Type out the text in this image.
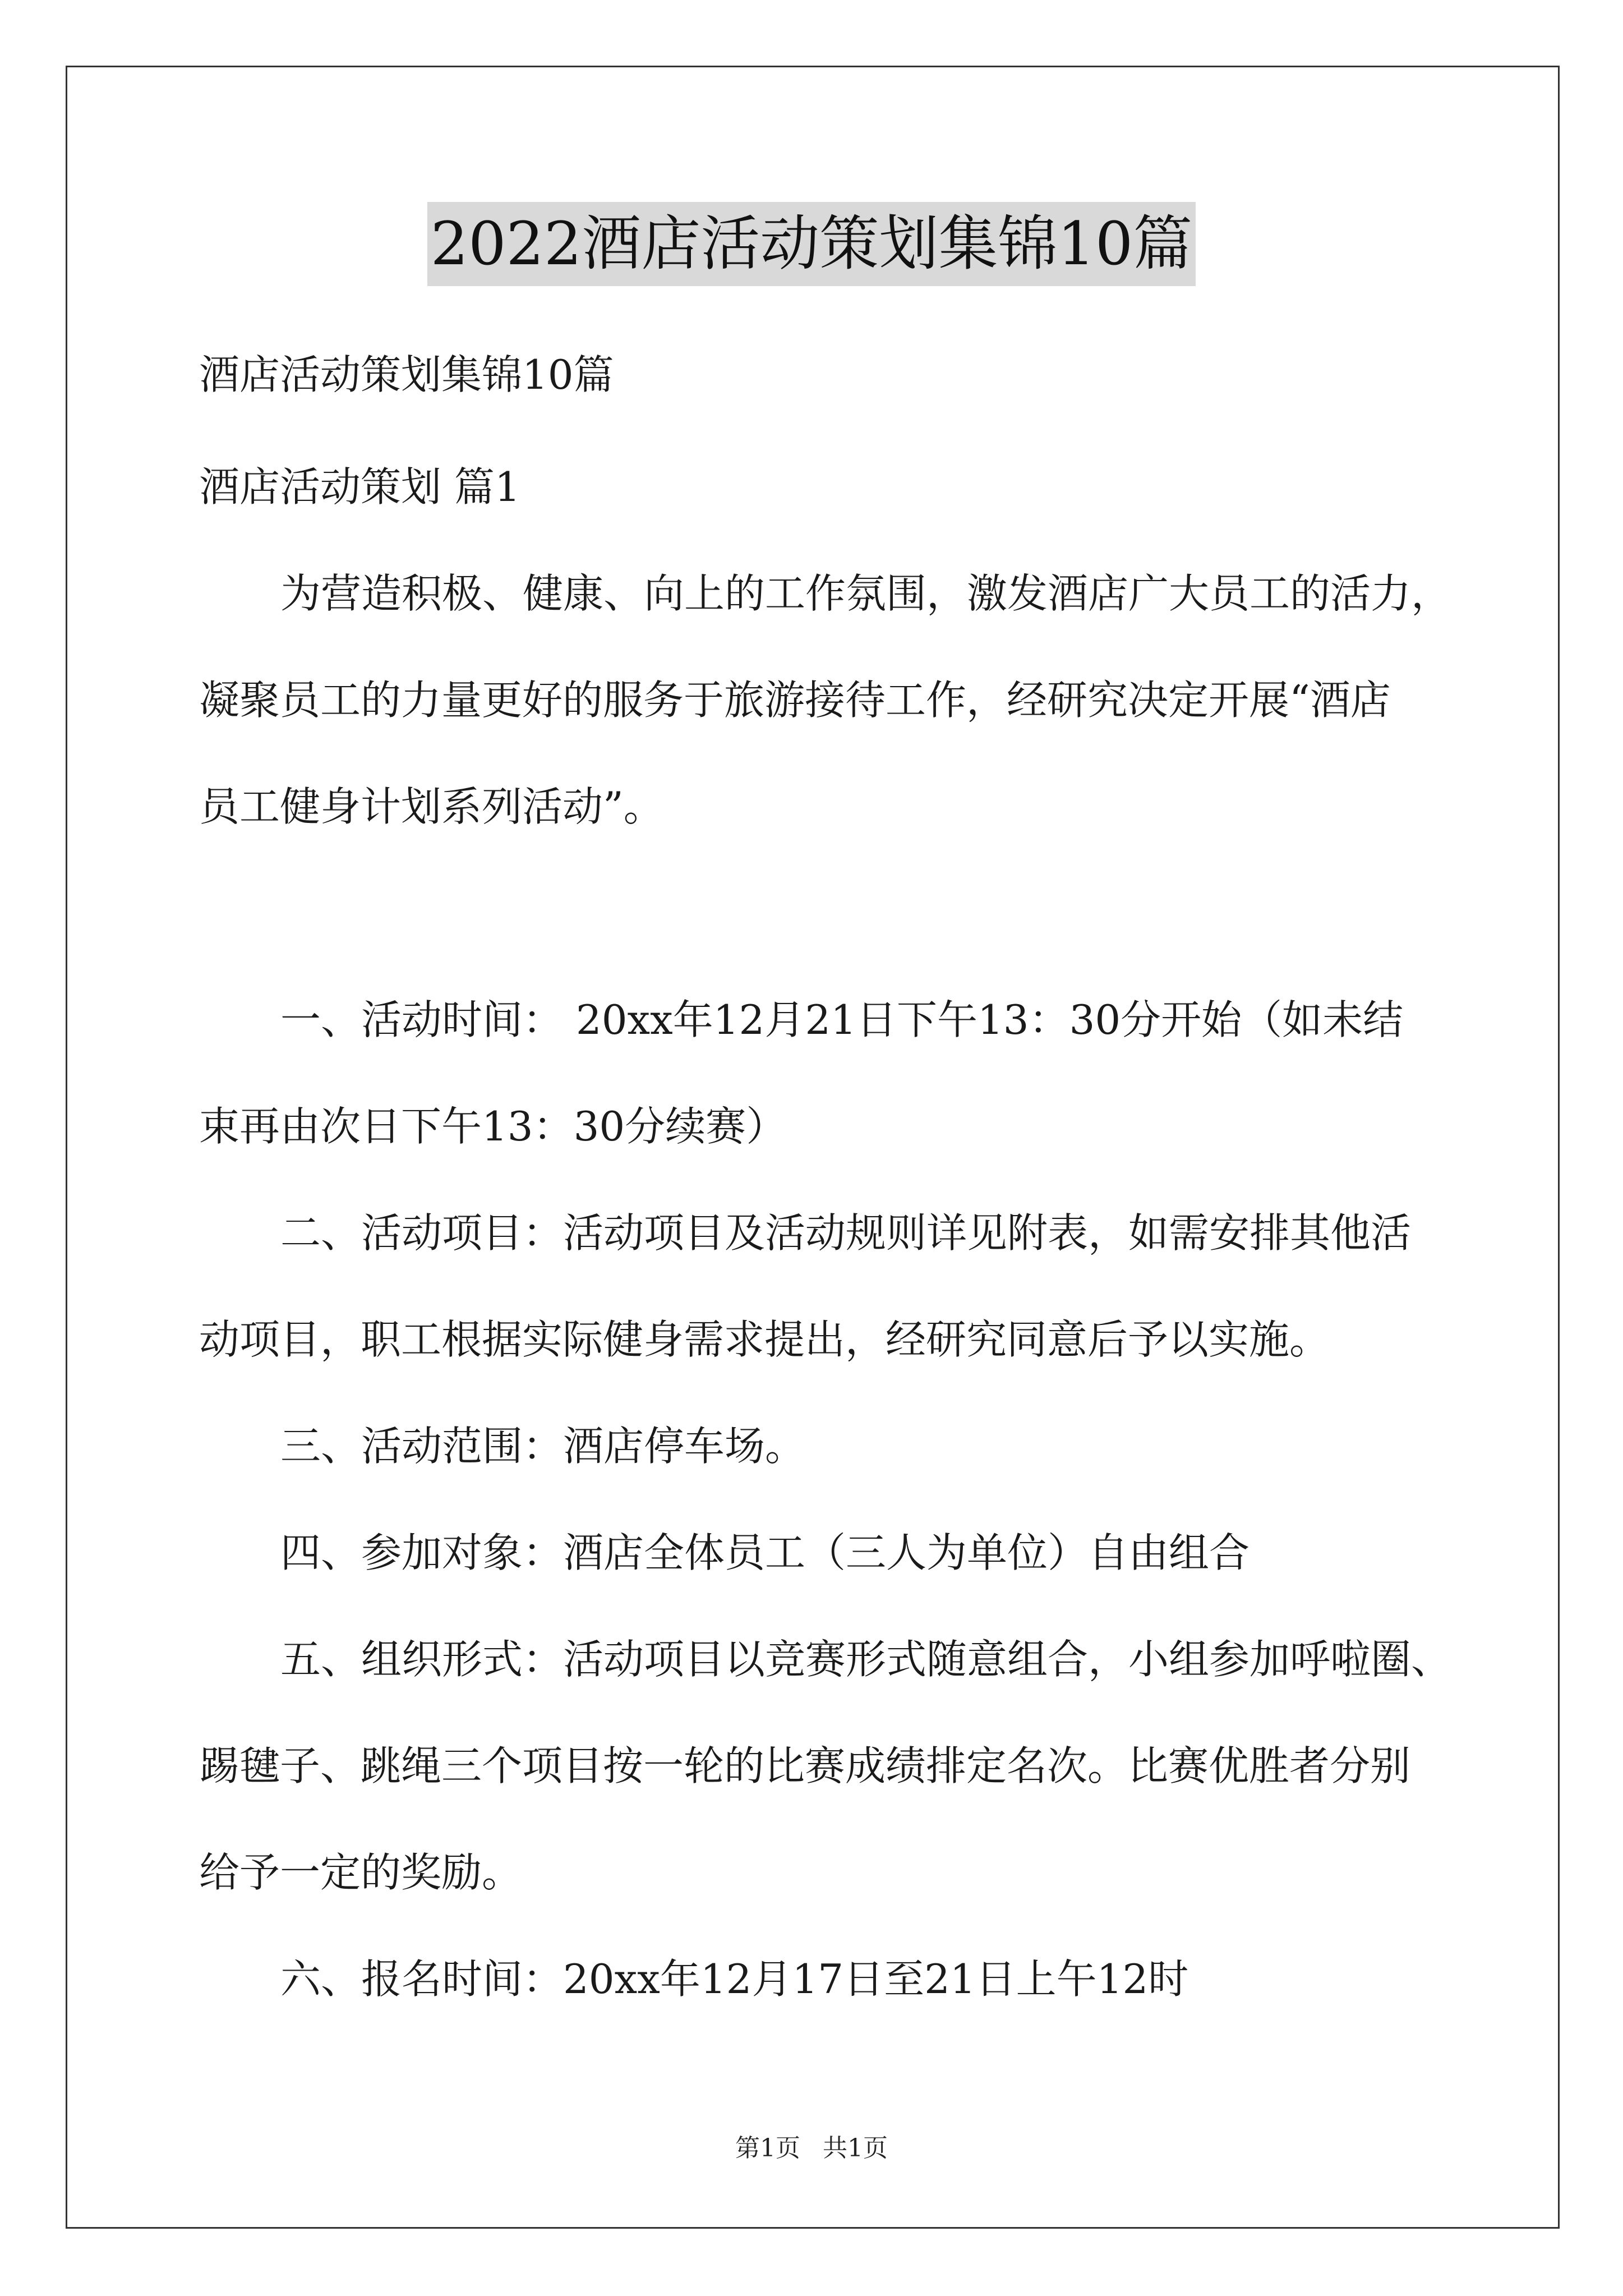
2022酒店活动策划集锦10篇
酒店活动策划集锦10篇
酒店活动策划 篇1
为营造积极、健康、向上的工作氛围，激发酒店广大员工的活力，
凝聚员工的力量更好的服务于旅游接待工作，经研究决定开展“酒店
员工健身计划系列活动”。
一、活动时间： 20xx年12月21日下午13：30分开始（如未结
束再由次日下午13：30分续赛）
二、活动项目：活动项目及活动规则详见附表，如需安排其他活
动项目，职工根据实际健身需求提出，经研究同意后予以实施。
三、活动范围：酒店停车场。
四、参加对象：酒店全体员工（三人为单位）自由组合
五、组织形式：活动项目以竞赛形式随意组合，小组参加呼啦圈、
踢毽子、跳绳三个项目按一轮的比赛成绩排定名次。比赛优胜者分别
给予一定的奖励。
六、报名时间：20xx年12月17日至21日上午12时
第1页 共1页
